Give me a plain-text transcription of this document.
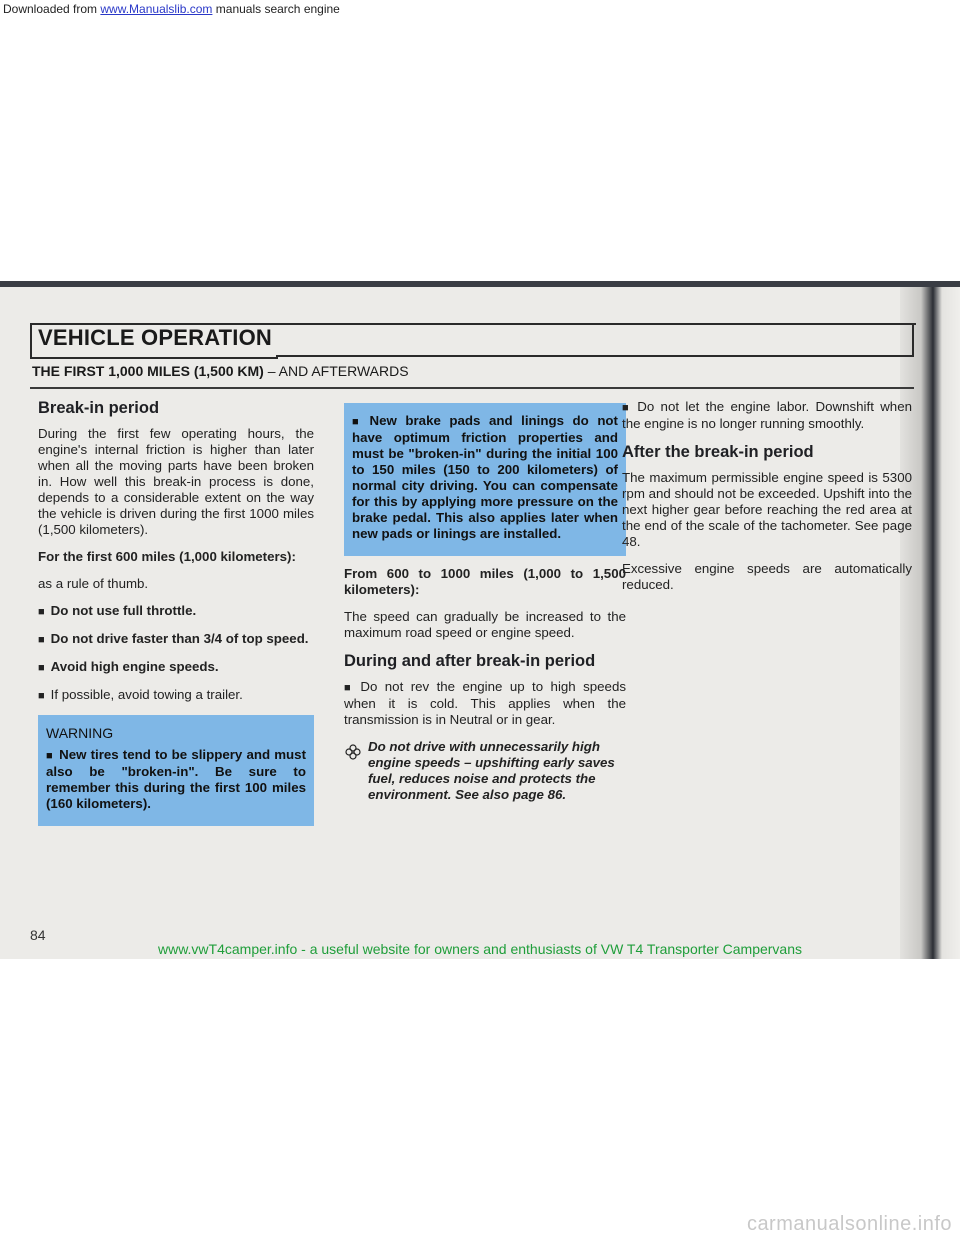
Downloaded from www.Manualslib.com manuals search engine
VEHICLE OPERATION
THE FIRST 1,000 MILES (1,500 KM) – AND AFTERWARDS
Break-in period

During the first few operating hours, the engine's internal friction is higher than later when all the moving parts have been broken in. How well this break-in process is done, depends to a considerable extent on the way the vehicle is driven during the first 1000 miles (1,500 kilometers).

For the first 600 miles (1,000 kilometers):

as a rule of thumb.

■ Do not use full throttle.

■ Do not drive faster than 3/4 of top speed.

■ Avoid high engine speeds.

■ If possible, avoid towing a trailer.

WARNING

■ New tires tend to be slippery and must also be "broken-in". Be sure to remember this during the first 100 miles (160 kilometers).

■ New brake pads and linings do not have optimum friction properties and must be "broken-in" during the initial 100 to 150 miles (150 to 200 kilometers) of normal city driving. You can compensate for this by applying more pressure on the brake pedal. This also applies later when new pads or linings are installed.

From 600 to 1000 miles (1,000 to 1,500 kilometers):

The speed can gradually be increased to the maximum road speed or engine speed.

During and after break-in period

■ Do not rev the engine up to high speeds when it is cold. This applies when the transmission is in Neutral or in gear.

Do not drive with unnecessarily high engine speeds – upshifting early saves fuel, reduces noise and protects the environment. See also page 86.

■ Do not let the engine labor. Downshift when the engine is no longer running smoothly.

After the break-in period

The maximum permissible engine speed is 5300 rpm and should not be exceeded. Upshift into the next higher gear before reaching the red area at the end of the scale of the tachometer. See page 48.

Excessive engine speeds are automatically reduced.

84
www.vwT4camper.info - a useful website for owners and enthusiasts of VW T4 Transporter Campervans
carmanualsonline.info
